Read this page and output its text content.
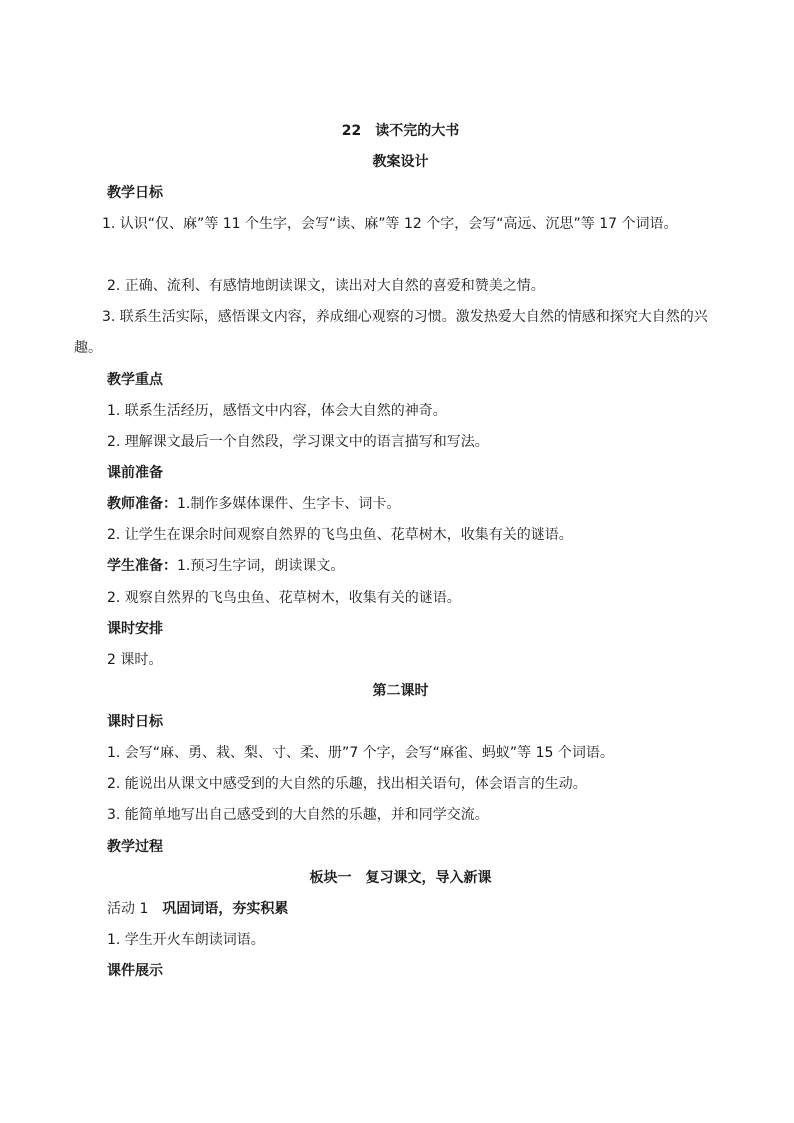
22　读不完的大书
教案设计
教学日标
　　1. 认识“仅、麻”等 11 个生字，会写“读、麻”等 12 个字，会写“高远、沉思”等 17 个词语。
2. 正确、流利、有感情地朗读课文，读出对大自然的喜爱和赞美之情。
　　3. 联系生活实际，感悟课文内容，养成细心观察的习惯。激发热爱大自然的情感和探究大自然的兴趣。
教学重点
1. 联系生活经历，感悟文中内容，体会大自然的神奇。
2. 理解课文最后一个自然段，学习课文中的语言描写和写法。
课前准备
教师准备：1.制作多媒体课件、生字卡、词卡。
2. 让学生在课余时间观察自然界的飞鸟虫鱼、花草树木，收集有关的谜语。
学生准备：1.预习生字词，朗读课文。
2. 观察自然界的飞鸟虫鱼、花草树木，收集有关的谜语。
课时安排
2 课时。
第二课时
课时日标
1. 会写“麻、勇、栽、梨、寸、柔、册”7 个字，会写“麻雀、蚂蚁”等 15 个词语。
2. 能说出从课文中感受到的大自然的乐趣，找出相关语句，体会语言的生动。
3. 能简单地写出自己感受到的大自然的乐趣，并和同学交流。
教学过程
板块一　复习课文，导入新课
活动 1　巩固词语，夯实积累
1. 学生开火车朗读词语。
课件展示
